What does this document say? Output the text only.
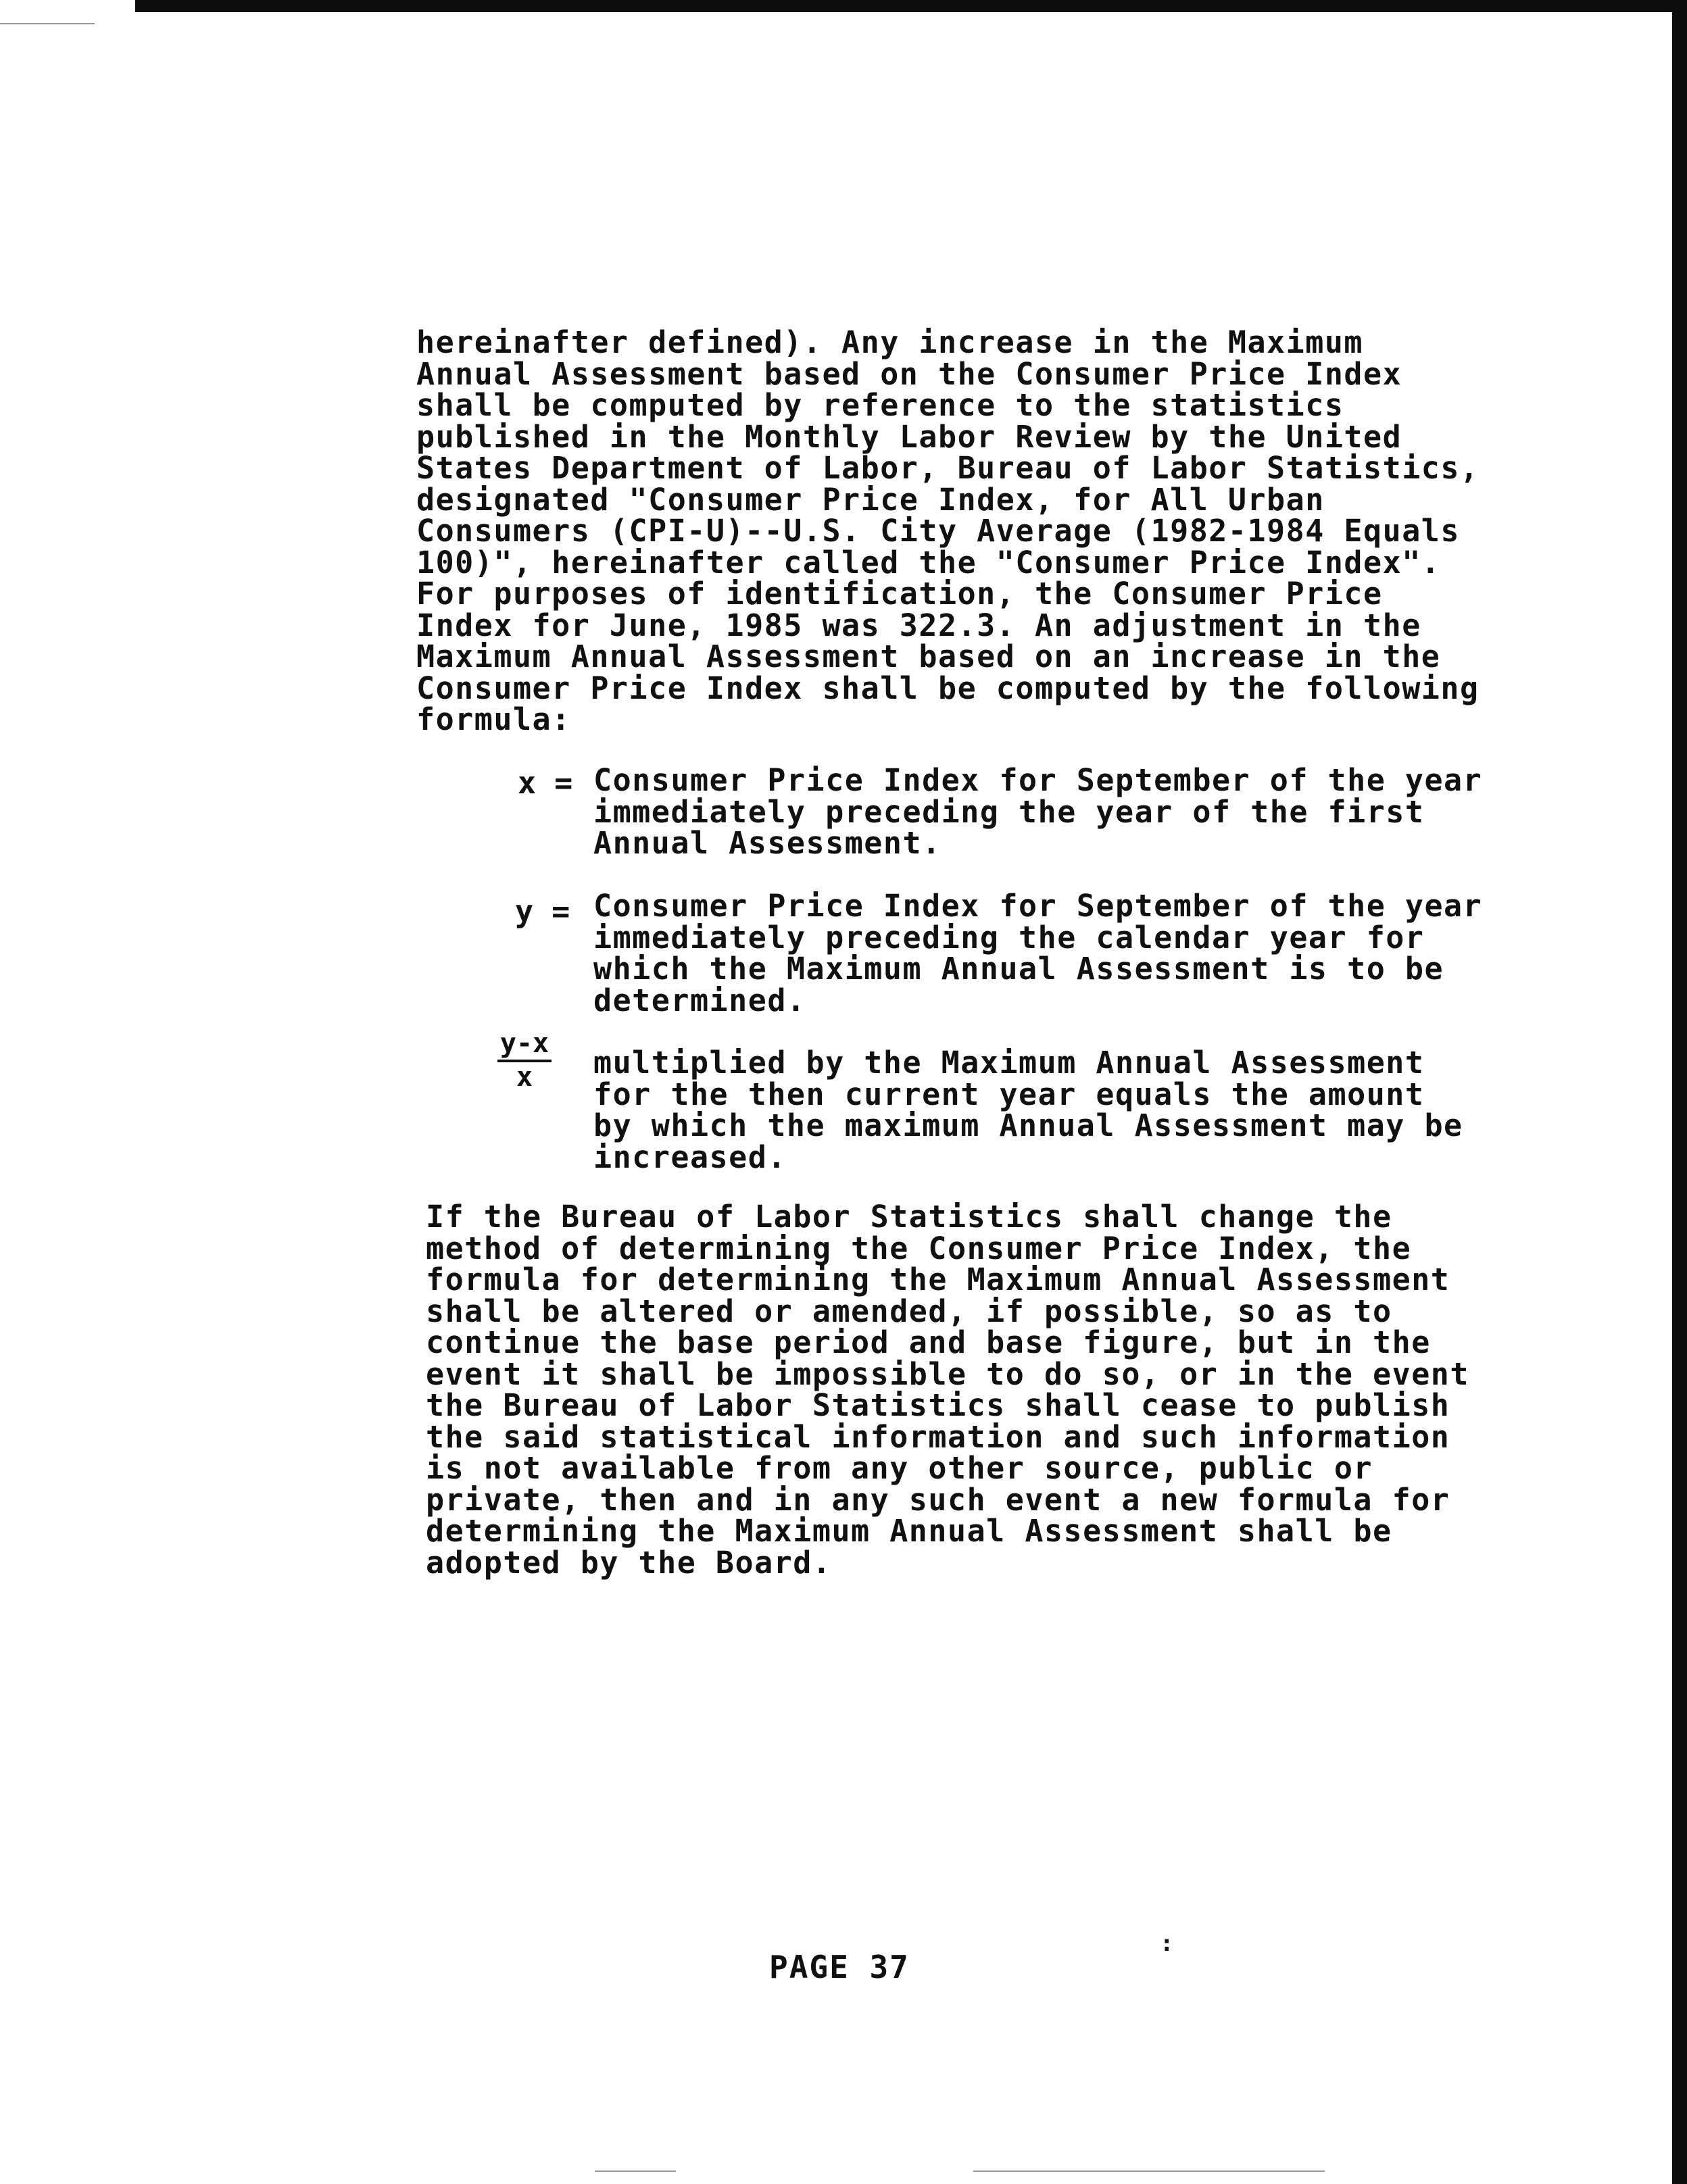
hereinafter defined). Any increase in the Maximum
Annual Assessment based on the Consumer Price Index
shall be computed by reference to the statistics
published in the Monthly Labor Review by the United
States Department of Labor, Bureau of Labor Statistics,
designated "Consumer Price Index, for All Urban
Consumers (CPI-U)--U.S. City Average (1982-1984 Equals
100)", hereinafter called the "Consumer Price Index".
For purposes of identification, the Consumer Price
Index for June, 1985 was 322.3. An adjustment in the
Maximum Annual Assessment based on an increase in the
Consumer Price Index shall be computed by the following
formula:

x = Consumer Price Index for September of the year
immediately preceding the year of the first
Annual Assessment.

y = Consumer Price Index for September of the year
immediately preceding the calendar year for
which the Maximum Annual Assessment is to be
determined.

$\frac{y-x}{x}$ multiplied by the Maximum Annual Assessment
for the then current year equals the amount
by which the maximum Annual Assessment may be
increased.

If the Bureau of Labor Statistics shall change the
method of determining the Consumer Price Index, the
formula for determining the Maximum Annual Assessment
shall be altered or amended, if possible, so as to
continue the base period and base figure, but in the
event it shall be impossible to do so, or in the event
the Bureau of Labor Statistics shall cease to publish
the said statistical information and such information
is not available from any other source, public or
private, then and in any such event a new formula for
determining the Maximum Annual Assessment shall be
adopted by the Board.

:
PAGE 37
